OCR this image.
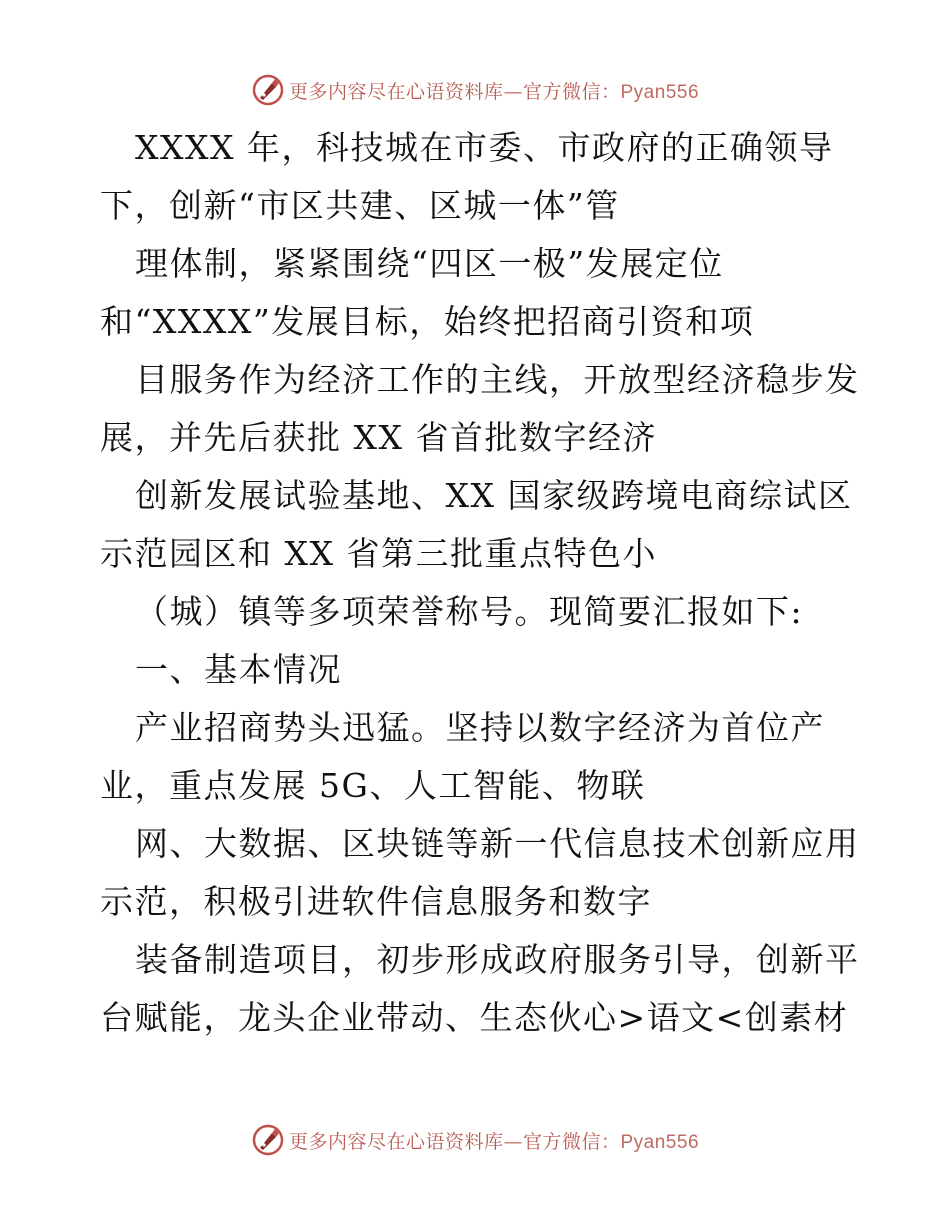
更多内容尽在心语资料库—官方微信：Pyan556
XXXX 年，科技城在市委、市政府的正确领导
下，创新“市区共建、区城一体”管
理体制，紧紧围绕“四区一极”发展定位
和“XXXX”发展目标，始终把招商引资和项
目服务作为经济工作的主线，开放型经济稳步发
展，并先后获批 XX 省首批数字经济
创新发展试验基地、XX 国家级跨境电商综试区
示范园区和 XX 省第三批重点特色小
（城）镇等多项荣誉称号。现简要汇报如下:
一、基本情况
产业招商势头迅猛。坚持以数字经济为首位产
业，重点发展 5G、人工智能、物联
网、大数据、区块链等新一代信息技术创新应用
示范，积极引进软件信息服务和数字
装备制造项目，初步形成政府服务引导，创新平
台赋能，龙头企业带动、生态伙心>语文<创素材
更多内容尽在心语资料库—官方微信：Pyan556
